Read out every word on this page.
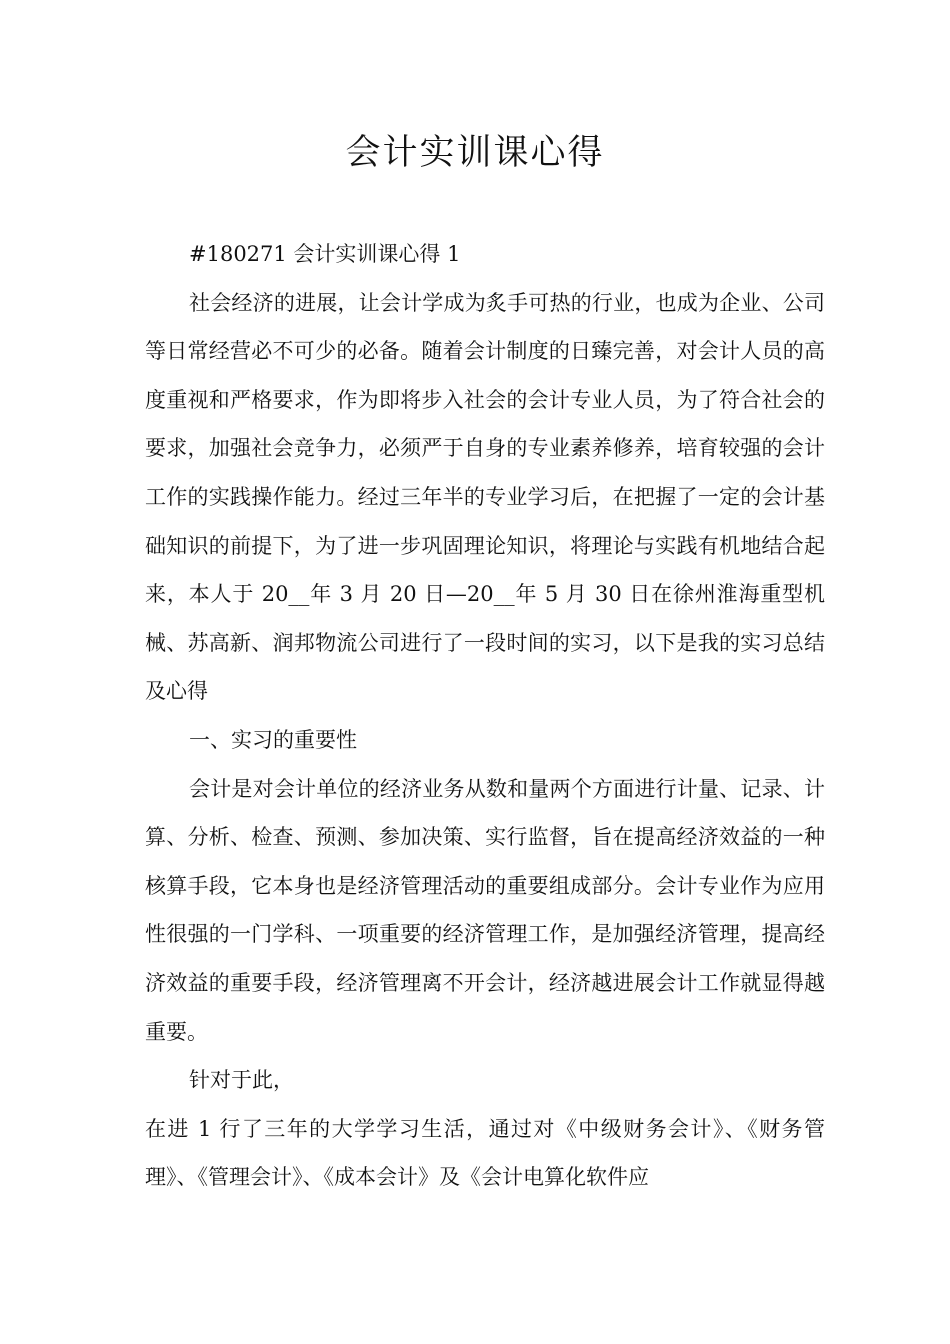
会计实训课心得

#180271 会计实训课心得 1

社会经济的进展，让会计学成为炙手可热的行业，也成为企业、公司等日常经营必不可少的必备。随着会计制度的日臻完善，对会计人员的高度重视和严格要求，作为即将步入社会的会计专业人员，为了符合社会的要求，加强社会竞争力，必须严于自身的专业素养修养，培育较强的会计工作的实践操作能力。经过三年半的专业学习后，在把握了一定的会计基础知识的前提下，为了进一步巩固理论知识，将理论与实践有机地结合起来，本人于 20__年 3 月 20 日—20__年 5 月 30 日在徐州淮海重型机械、苏高新、润邦物流公司进行了一段时间的实习，以下是我的实习总结及心得

一、实习的重要性

会计是对会计单位的经济业务从数和量两个方面进行计量、记录、计算、分析、检查、预测、参加决策、实行监督，旨在提高经济效益的一种核算手段，它本身也是经济管理活动的重要组成部分。会计专业作为应用性很强的一门学科、一项重要的经济管理工作，是加强经济管理，提高经济效益的重要手段，经济管理离不开会计，经济越进展会计工作就显得越重要。

针对于此，

在进 1 行了三年的大学学习生活，通过对《中级财务会计》、《财务管理》、《管理会计》、《成本会计》及《会计电算化软件应
